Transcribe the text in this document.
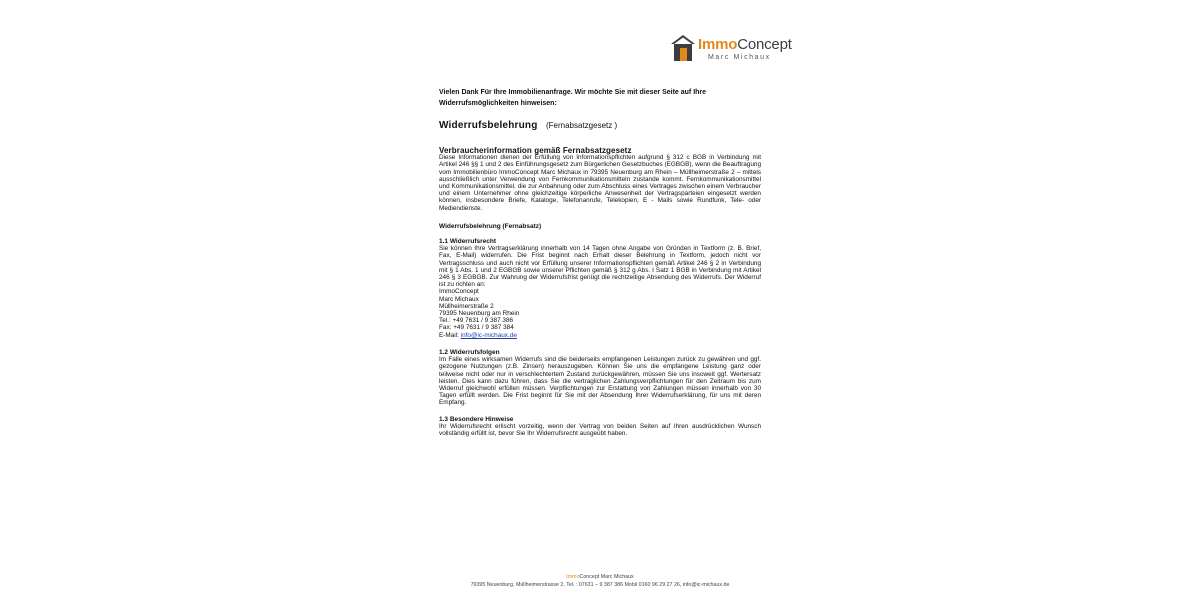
ImmoConcept
Marc Michaux
Vielen Dank Für Ihre Immobilienanfrage. Wir möchte Sie mit dieser Seite auf Ihre Widerrufsmöglichkeiten hinweisen:
Widerrufsbelehrung (Fernabsatzgesetz )
Verbraucherinformation gemäß Fernabsatzgesetz
Diese Informationen dienen der Erfüllung von Informationspflichten aufgrund § 312 c BGB in Verbindung mit Artikel 246 §§ 1 und 2 des Einführungsgesetz zum Bürgerlichen Gesetzbuches (EGBGB), wenn die Beauftragung vom Immobilienbüro ImmoConcept Marc Michaux in 79395 Neuenburg am Rhein – Müllheimerstraße 2 – mittels ausschließlich unter Verwendung von Fernkommunikationsmitteln zustande kommt. Fernkommunikationsmittel und Kommunikationsmittel, die zur Anbahnung oder zum Abschluss eines Vertrages zwischen einem Verbraucher und einem Unternehmer ohne gleichzeitige körperliche Anwesenheit der Vertragsparteien eingesetzt werden können, insbesondere Briefe, Kataloge, Telefonanrufe, Telekopien, E - Mails sowie Rundfunk, Tele- oder Mediendienste.
Widerrufsbelehrung (Fernabsatz)
1.1 Widerrufsrecht
Sie können Ihre Vertragserklärung innerhalb von 14 Tagen ohne Angabe von Gründen in Textform (z. B. Brief, Fax, E-Mail) widerrufen. Die Frist beginnt nach Erhalt dieser Belehrung in Textform, jedoch nicht vor Vertragsschluss und auch nicht vor Erfüllung unserer Informationspflichten gemäß Artikel 246 § 2 in Verbindung mit § 1 Abs. 1 und 2 EGBGB sowie unserer Pflichten gemäß § 312 g Abs. I Satz 1 BGB in Verbindung mit Artikel 246 § 3 EGBGB. Zur Wahrung der Widerrufsfrist genügt die rechtzeitige Absendung des Widerrufs. Der Widerruf ist zu richten an:
ImmoConcept
Marc Michaux
Müllheimerstraße 2
79395 Neuenburg am Rhein
Tel.: +49 7631 / 9 387 386
Fax: +49 7631 / 9 387 384
E-Mail: info@ic-michaux.de
1.2 Widerrufsfolgen
Im Falle eines wirksamen Widerrufs sind die beiderseits empfangenen Leistungen zurück zu gewähren und ggf. gezogene Nutzungen (z.B. Zinsen) herauszugeben. Können Sie uns die empfangene Leistung ganz oder teilweise nicht oder nur in verschlechtertem Zustand zurückgewähren, müssen Sie uns insoweit ggf. Wertersatz leisten. Dies kann dazu führen, dass Sie die vertraglichen Zahlungsverpflichtungen für den Zeitraum bis zum Widerruf gleichwohl erfüllen müssen. Verpflichtungen zur Erstattung von Zahlungen müssen innerhalb von 30 Tagen erfüllt werden. Die Frist beginnt für Sie mit der Absendung Ihrer Widerrufserklärung, für uns mit deren Empfang.
1.3 Besondere Hinweise
Ihr Widerrufsrecht erlischt vorzeitig, wenn der Vertrag von beiden Seiten auf Ihren ausdrücklichen Wunsch vollständig erfüllt ist, bevor Sie Ihr Widerrufsrecht ausgeübt haben.
ImmoConcept Marc Michaux
79395 Neuenburg, Müllheimerstrasse 2, Tel. : 07631 – 9 387 386 Mobil 0160 96 29 27 26, info@ic-michaux.de
